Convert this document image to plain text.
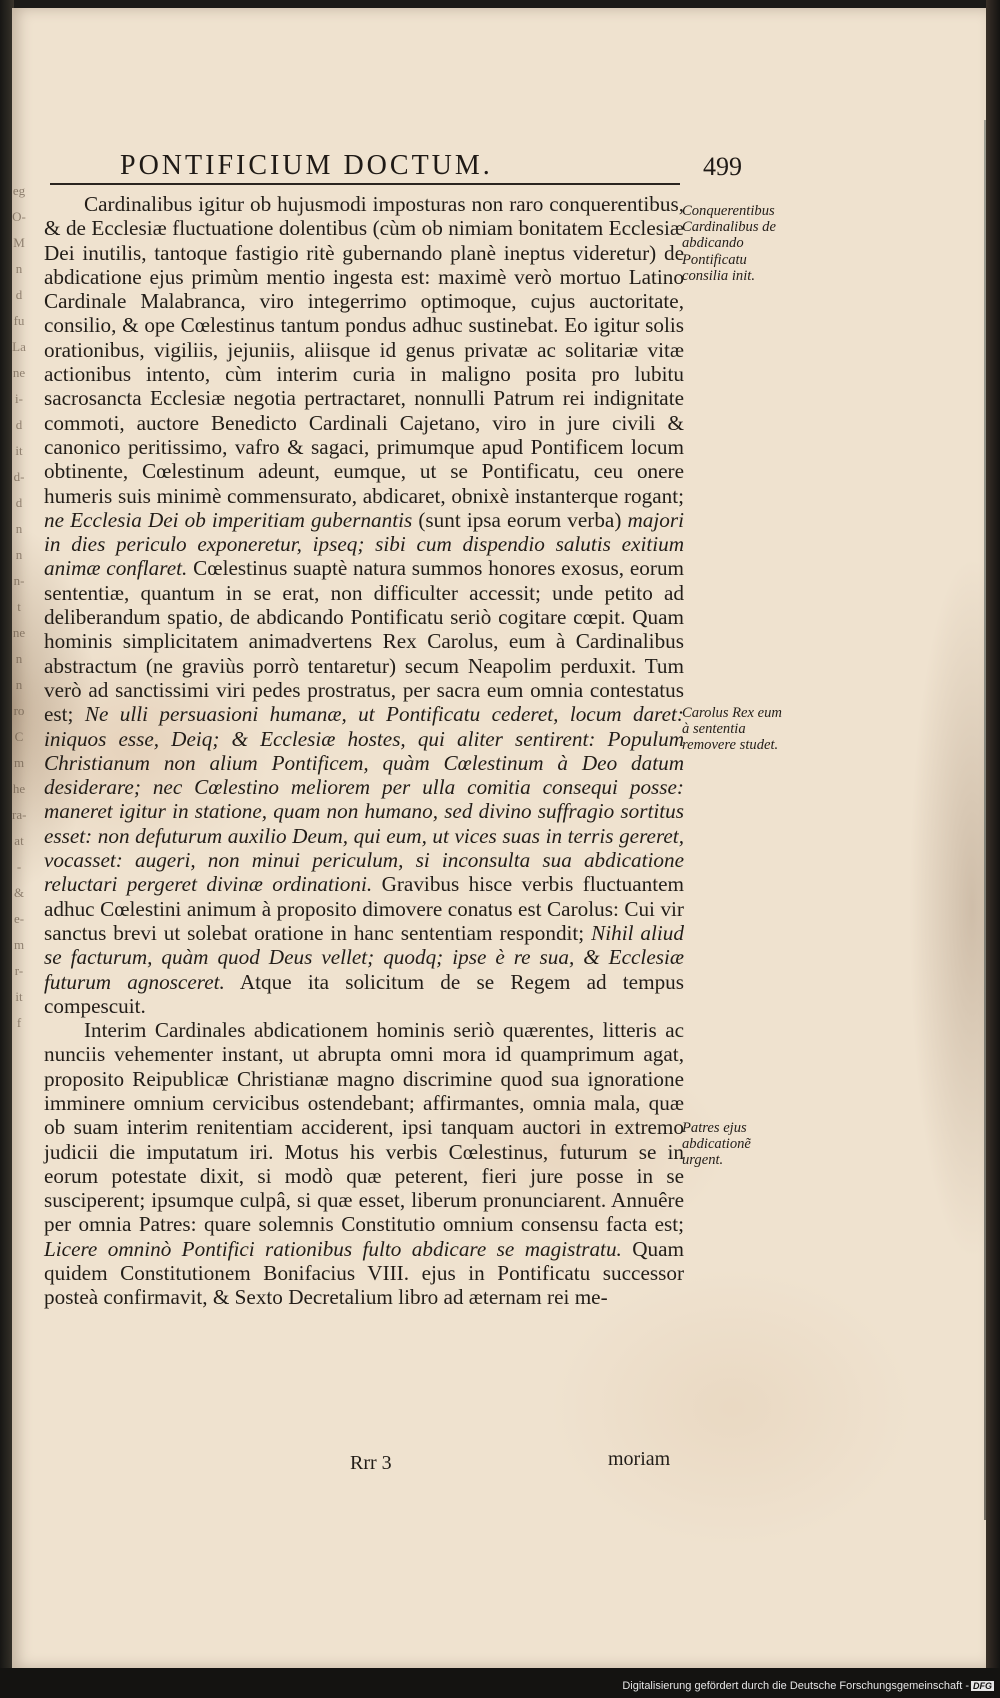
eg
O-
M
n
d
fu
La
ne
i-
d
it
d-
d
n
n
n-
t
ne
n
n
ro
C
m
he
ra-
at
-
&
e-
m
r-
it
f
PONTIFICIUM DOCTUM.	499

Cardinalibus igitur ob hujusmodi imposturas non raro conquerentibus, & de Ecclesiæ fluctuatione dolentibus (cùm ob nimiam bonitatem Ecclesiæ Dei inutilis, tantoque fastigio ritè gubernando planè ineptus videretur) de abdicatione ejus primùm mentio ingesta est: maximè verò mortuo Latino Cardinale Malabranca, viro integerrimo optimoque, cujus auctoritate, consilio, & ope Cœlestinus tantum pondus adhuc sustinebat. Eo igitur solis orationibus, vigiliis, jejuniis, aliisque id genus privatæ ac solitariæ vitæ actionibus intento, cùm interim curia in maligno posita pro lubitu sacrosancta Ecclesiæ negotia pertractaret, nonnulli Patrum rei indignitate commoti, auctore Benedicto Cardinali Cajetano, viro in jure civili & canonico peritissimo, vafro & sagaci, primumque apud Pontificem locum obtinente, Cœlestinum adeunt, eumque, ut se Pontificatu, ceu onere humeris suis minimè commensurato, abdicaret, obnixè instanterque rogant; ne Ecclesia Dei ob imperitiam gubernantis (sunt ipsa eorum verba) majori in dies periculo exponeretur, ipseq; sibi cum dispendio salutis exitium animæ conflaret. Cœlestinus suaptè natura summos honores exosus, eorum sententiæ, quantum in se erat, non difficulter accessit; unde petito ad deliberandum spatio, de abdicando Pontificatu seriò cogitare cœpit. Quam hominis simplicitatem animadvertens Rex Carolus, eum à Cardinalibus abstractum (ne graviùs porrò tentaretur) secum Neapolim perduxit. Tum verò ad sanctissimi viri pedes prostratus, per sacra eum omnia contestatus est; Ne ulli persuasioni humanæ, ut Pontificatu cederet, locum daret: iniquos esse, Deiq; & Ecclesiæ hostes, qui aliter sentirent: Populum Christianum non alium Pontificem, quàm Cœlestinum à Deo datum desiderare; nec Cœlestino meliorem per ulla comitia consequi posse: maneret igitur in statione, quam non humano, sed divino suffragio sortitus esset: non defuturum auxilio Deum, qui eum, ut vices suas in terris gereret, vocasset: augeri, non minui periculum, si inconsulta sua abdicatione reluctari pergeret divinæ ordinationi. Gravibus hisce verbis fluctuantem adhuc Cœlestini animum à proposito dimovere conatus est Carolus: Cui vir sanctus brevi ut solebat oratione in hanc sententiam respondit; Nihil aliud se facturum, quàm quod Deus vellet; quodq; ipse è re sua, & Ecclesiæ futurum agnosceret. Atque ita solicitum de se Regem ad tempus compescuit.

Interim Cardinales abdicationem hominis seriò quærentes, litteris ac nunciis vehementer instant, ut abrupta omni mora id quamprimum agat, proposito Reipublicæ Christianæ magno discrimine quod sua ignoratione imminere omnium cervicibus ostendebant; affirmantes, omnia mala, quæ ob suam interim renitentiam acciderent, ipsi tanquam auctori in extremo judicii die imputatum iri. Motus his verbis Cœlestinus, futurum se in eorum potestate dixit, si modò quæ peterent, fieri jure posse in se susciperent; ipsumque culpâ, si quæ esset, liberum pronunciarent. Annuêre per omnia Patres: quare solemnis Constitutio omnium consensu facta est; Licere omninò Pontifici rationibus fulto abdicare se magistratu. Quam quidem Constitutionem Bonifacius VIII. ejus in Pontificatu successor posteà confirmavit, & Sexto Decretalium libro ad æternam rei me-

Conquerentibus Cardinalibus de abdicando Pontificatu consilia init.
Carolus Rex eum à sententia removere studet.
Patres ejus abdicationẽ urgent.
Rrr 3	moriam
Digitalisierung gefördert durch die Deutsche Forschungsgemeinschaft - DFG
